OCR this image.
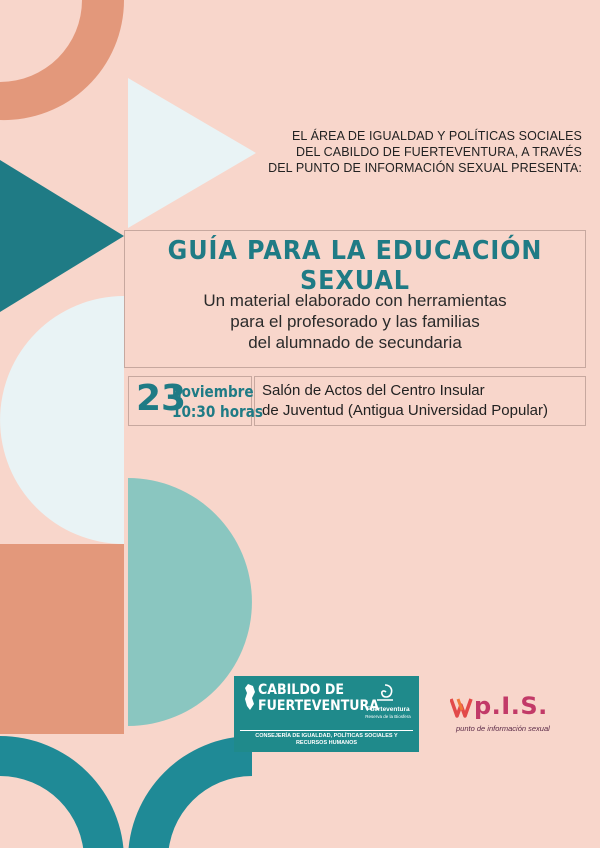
EL ÁREA DE IGUALDAD Y POLÍTICAS SOCIALES
DEL CABILDO DE FUERTEVENTURA, A TRAVÉS
DEL PUNTO DE INFORMACIÓN SEXUAL PRESENTA:
GUÍA PARA LA EDUCACIÓN SEXUAL
Un material elaborado con herramientas
para el profesorado y las familias
del alumnado de secundaria
23
noviembre
10:30 horas
Salón de Actos del Centro Insular
de Juventud (Antigua Universidad Popular)
CABILDO DE
FUERTEVENTURA
Fuerteventura
Reserva de la Biosfera
CONSEJERÍA DE IGUALDAD, POLÍTICAS SOCIALES Y
RECURSOS HUMANOS
p.I.S.
punto de información sexual
